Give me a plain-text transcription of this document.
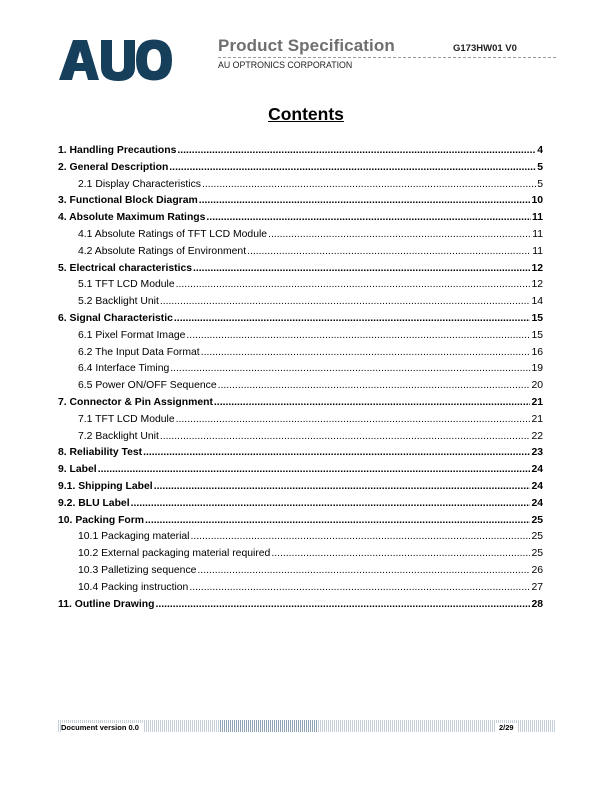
Product Specification	G173HW01 V0
AU OPTRONICS CORPORATION
Contents
1. Handling Precautions .....	4
2. General Description .....	5
2.1 Display Characteristics .....	5
3. Functional Block Diagram .....	10
4. Absolute Maximum Ratings .....	11
4.1 Absolute Ratings of TFT LCD Module .....	11
4.2 Absolute Ratings of Environment .....	11
5. Electrical characteristics .....	12
5.1 TFT LCD Module .....	12
5.2 Backlight Unit .....	14
6. Signal Characteristic .....	15
6.1 Pixel Format Image .....	15
6.2 The Input Data Format .....	16
6.4 Interface Timing .....	19
6.5 Power ON/OFF Sequence .....	20
7. Connector & Pin Assignment .....	21
7.1 TFT LCD Module .....	21
7.2 Backlight Unit .....	22
8. Reliability Test .....	23
9. Label .....	24
9.1. Shipping Label .....	24
9.2. BLU Label .....	24
10. Packing Form .....	25
10.1 Packaging material .....	25
10.2 External packaging material required .....	25
10.3 Palletizing sequence .....	26
10.4 Packing instruction .....	27
11. Outline Drawing .....	28
Document version 0.0	2/29
